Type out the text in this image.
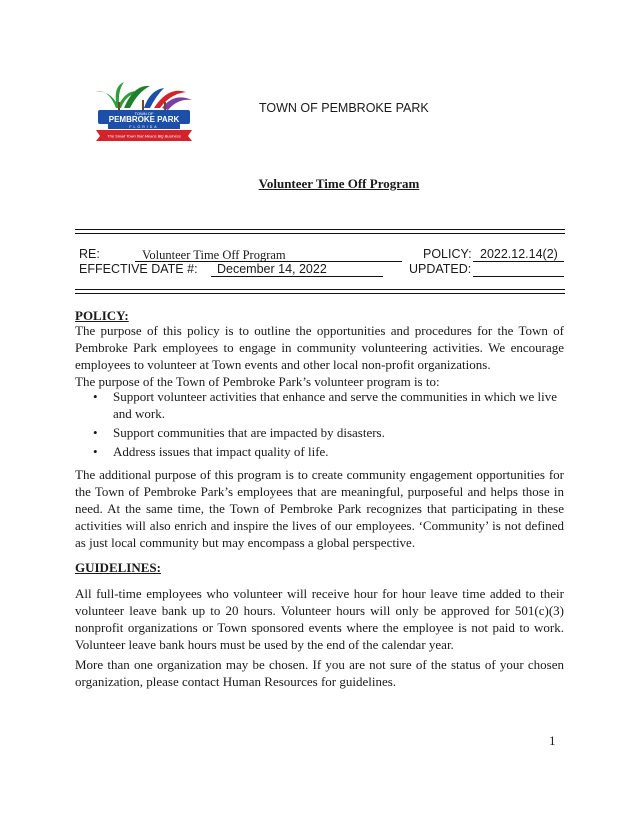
TOWN OF
PEMBROKE PARK
FLORIDA
The Small Town that Means Big Business
TOWN OF PEMBROKE PARK
Volunteer Time Off Program
RE:	Volunteer Time Off Program	POLICY: 2022.12.14(2)
EFFECTIVE DATE #: December 14, 2022	UPDATED:
POLICY:

The purpose of this policy is to outline the opportunities and procedures for the Town of Pembroke Park employees to engage in community volunteering activities. We encourage employees to volunteer at Town events and other local non-profit organizations.

The purpose of the Town of Pembroke Park’s volunteer program is to:

• Support volunteer activities that enhance and serve the communities in which we live and work.
• Support communities that are impacted by disasters.
• Address issues that impact quality of life.

The additional purpose of this program is to create community engagement opportunities for the Town of Pembroke Park’s employees that are meaningful, purposeful and helps those in need. At the same time, the Town of Pembroke Park recognizes that participating in these activities will also enrich and inspire the lives of our employees. ‘Community’ is not defined as just local community but may encompass a global perspective.

GUIDELINES:

All full-time employees who volunteer will receive hour for hour leave time added to their volunteer leave bank up to 20 hours. Volunteer hours will only be approved for 501(c)(3) nonprofit organizations or Town sponsored events where the employee is not paid to work. Volunteer leave bank hours must be used by the end of the calendar year.

More than one organization may be chosen. If you are not sure of the status of your chosen organization, please contact Human Resources for guidelines.

1
